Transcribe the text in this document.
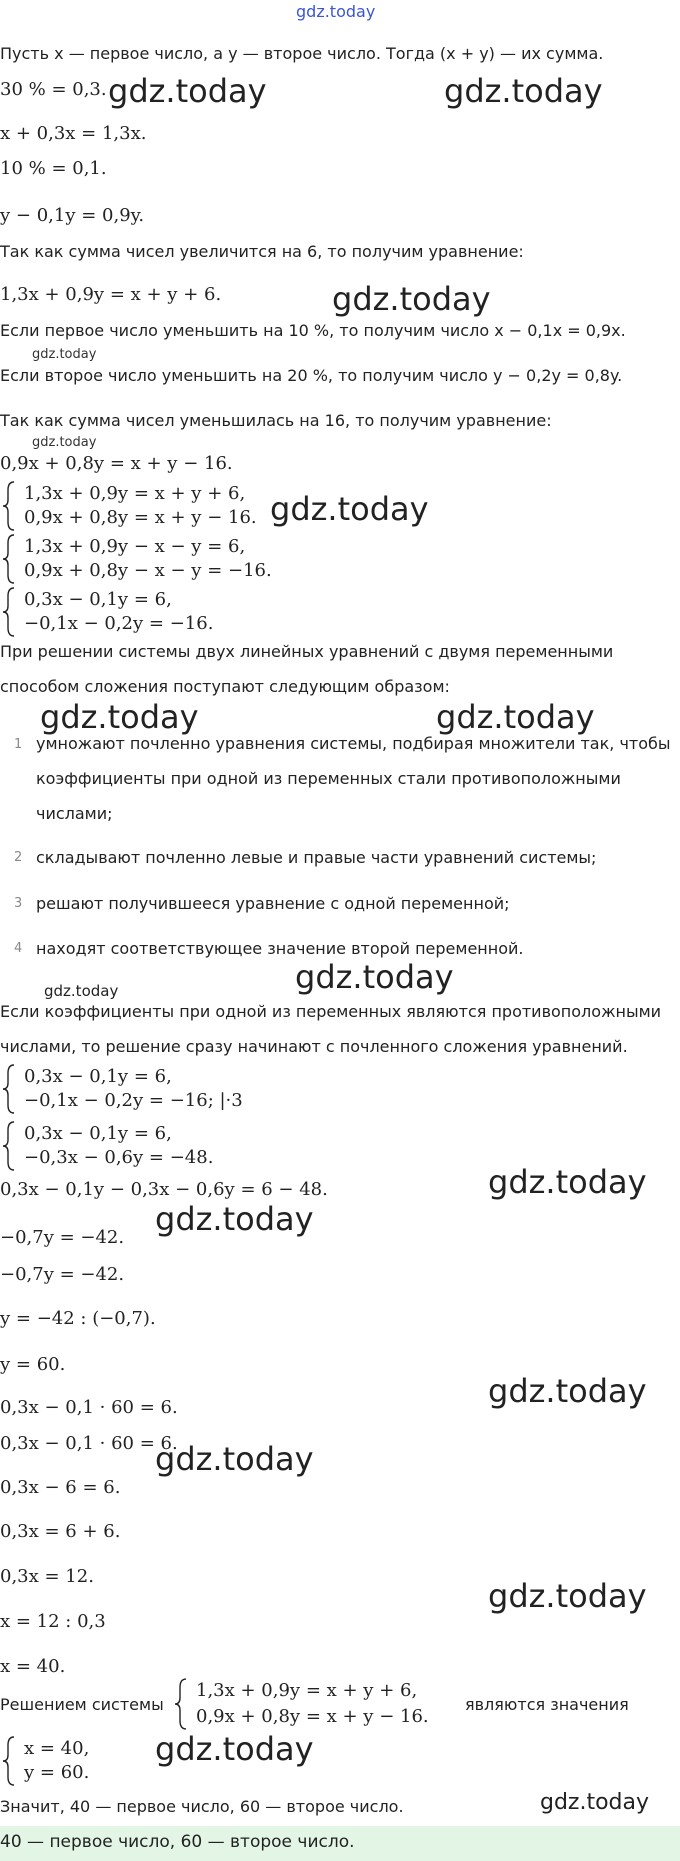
gdz.today
Пусть x — первое число, а y — второе число. Тогда (x + y) — их сумма.
30 % = 0,3.
x + 0,3x = 1,3x.
10 % = 0,1.
y − 0,1y = 0,9y.
Так как сумма чисел увеличится на 6, то получим уравнение:
1,3x + 0,9y = x + y + 6.
Если первое число уменьшить на 10 %, то получим число x − 0,1x = 0,9x.
Если второе число уменьшить на 20 %, то получим число y − 0,2y = 0,8y.
Так как сумма чисел уменьшилась на 16, то получим уравнение:
0,9x + 0,8y = x + y − 16.
1,3x + 0,9y = x + y + 6,
0,9x + 0,8y = x + y − 16.
1,3x + 0,9y − x − y = 6,
0,9x + 0,8y − x − y = −16.
0,3x − 0,1y = 6,
−0,1x − 0,2y = −16.
При решении системы двух линейных уравнений с двумя переменными
способом сложения поступают следующим образом:
1 умножают почленно уравнения системы, подбирая множители так, чтобы
коэффициенты при одной из переменных стали противоположными
числами;
2 складывают почленно левые и правые части уравнений системы;
3 решают получившееся уравнение с одной переменной;
4 находят соответствующее значение второй переменной.
Если коэффициенты при одной из переменных являются противоположными
числами, то решение сразу начинают с почленного сложения уравнений.
0,3x − 0,1y = 6,
−0,1x − 0,2y = −16; |·3
0,3x − 0,1y = 6,
−0,3x − 0,6y = −48.
0,3x − 0,1y − 0,3x − 0,6y = 6 − 48.
−0,7y = −42.
−0,7y = −42.
y = −42 : (−0,7).
y = 60.
0,3x − 0,1 · 60 = 6.
0,3x − 0,1 · 60 = 6.
0,3x − 6 = 6.
0,3x = 6 + 6.
0,3x = 12.
x = 12 : 0,3
x = 40.
Решением системы
1,3x + 0,9y = x + y + 6,
0,9x + 0,8y = x + y − 16.
являются значения
x = 40,
y = 60.
Значит, 40 — первое число, 60 — второе число.
40 — первое число, 60 — второе число.
gdz.today	gdz.today
gdz.today
gdz.today
gdz.today
gdz.today
gdz.today	gdz.today
gdz.today	gdz.today
gdz.today
gdz.today
gdz.today
gdz.today
gdz.today
gdz.today
gdz.today
